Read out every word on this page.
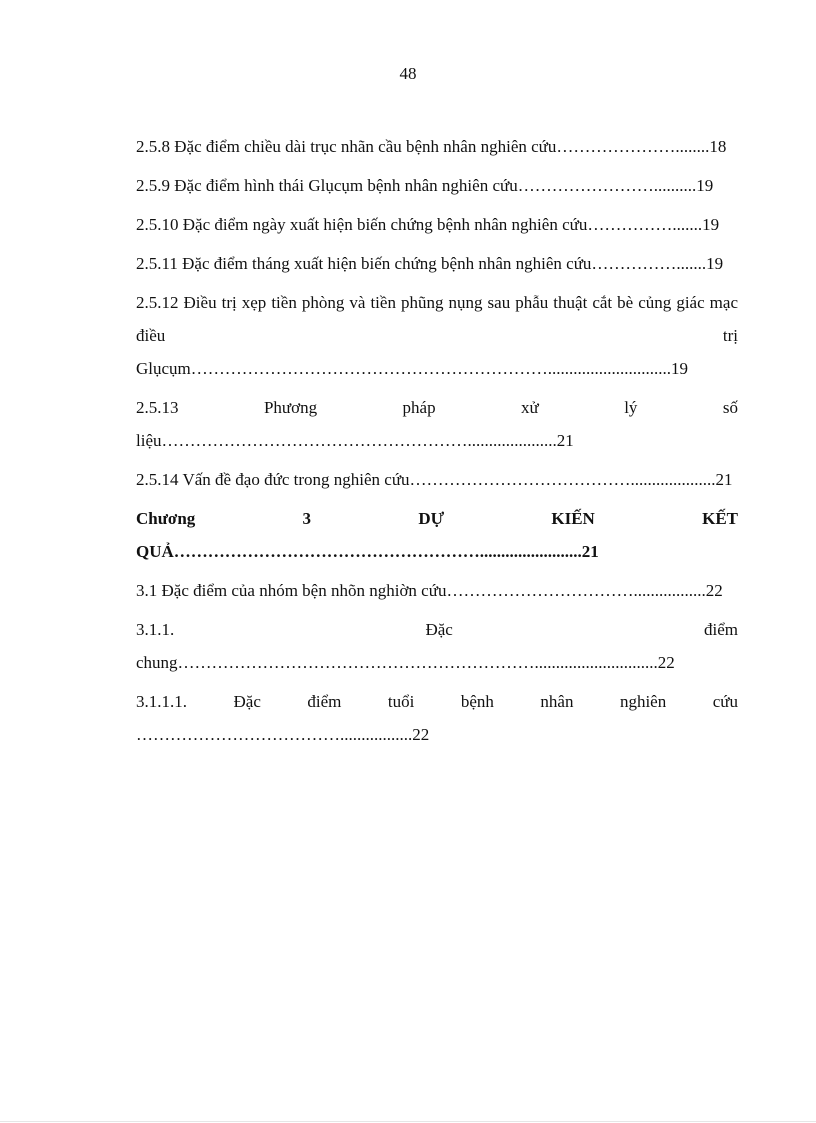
48
2.5.8 Đặc điểm chiều dài trục nhãn cầu bệnh nhân nghiên cứu…………………........18
2.5.9 Đặc điểm hình thái Glụcụm bệnh nhân nghiên cứu……………………..........19
2.5.10 Đặc điểm ngày xuất hiện biến chứng bệnh nhân nghiên cứu…………….......19
2.5.11 Đặc điểm tháng xuất hiện biến chứng bệnh nhân nghiên cứu…………….......19
2.5.12 Điều trị xẹp tiền phòng và tiền phũng nụng sau phẫu thuật cắt bè củng giác mạc điều trị Glụcụm……………………………………………………….............................19
2.5.13 Phương pháp xử lý số liệu……………………………………………….....................21
2.5.14 Vấn đề đạo đức trong nghiên cứu…………………………………....................21
Chương 3 DỰ KIẾN KẾT QUẢ………………………………………………........................21
3.1 Đặc điểm của nhóm bện nhõn nghiờn cứu…………………………….................22
3.1.1. Đặc điểm chung……………………………………………………….............................22
3.1.1.1. Đặc điểm tuổi bệnh nhân nghiên cứu ……………………………….................22
